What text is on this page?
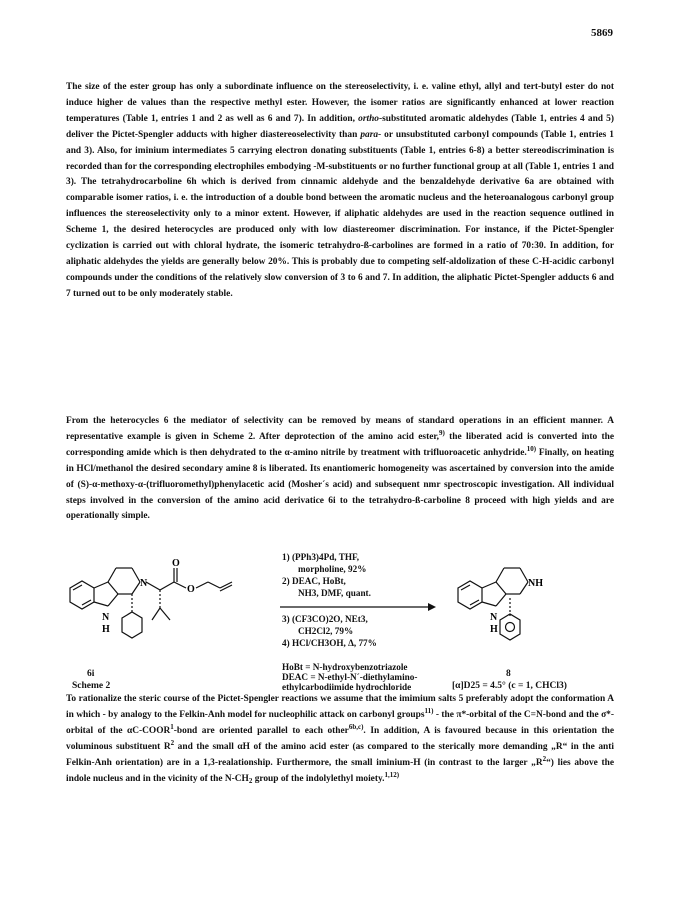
5869

The size of the ester group has only a subordinate influence on the stereoselectivity, i. e. valine ethyl, allyl and tert-butyl ester do not induce higher de values than the respective methyl ester. However, the isomer ratios are significantly enhanced at lower reaction temperatures (Table 1, entries 1 and 2 as well as 6 and 7). In addition, ortho-substituted aromatic aldehydes (Table 1, entries 4 and 5) deliver the Pictet-Spengler adducts with higher diastereoselectivity than para- or unsubstituted carbonyl compounds (Table 1, entries 1 and 3). Also, for iminium intermediates 5 carrying electron donating substituents (Table 1, entries 6-8) a better stereodiscrimination is recorded than for the corresponding electrophiles embodying -M-substituents or no further functional group at all (Table 1, entries 1 and 3). The tetrahydrocarboline 6h which is derived from cinnamic aldehyde and the benzaldehyde derivative 6a are obtained with comparable isomer ratios, i. e. the introduction of a double bond between the aromatic nucleus and the heteroanalogous carbonyl group influences the stereoselectivity only to a minor extent. However, if aliphatic aldehydes are used in the reaction sequence outlined in Scheme 1, the desired heterocycles are produced only with low diastereomer discrimination. For instance, if the Pictet-Spengler cyclization is carried out with chloral hydrate, the isomeric tetrahydro-ß-carbolines are formed in a ratio of 70:30. In addition, for aliphatic aldehydes the yields are generally below 20%. This is probably due to competing self-aldolization of these C-H-acidic carbonyl compounds under the conditions of the relatively slow conversion of 3 to 6 and 7. In addition, the aliphatic Pictet-Spengler adducts 6 and 7 turned out to be only moderately stable.

From the heterocycles 6 the mediator of selectivity can be removed by means of standard operations in an efficient manner. A representative example is given in Scheme 2. After deprotection of the amino acid ester,$^{9)}$ the liberated acid is converted into the corresponding amide which is then dehydrated to the α-amino nitrile by treatment with trifluoroacetic anhydride.$^{10)}$ Finally, on heating in HCl/methanol the desired secondary amine 8 is liberated. Its enantiomeric homogeneity was ascertained by conversion into the amide of (S)-α-methoxy-α-(trifluoromethyl)phenylacetic acid (Mosher´s acid) and subsequent nmr spectroscopic investigation. All individual steps involved in the conversion of the amino acid derivatice 6i to the tetrahydro-ß-carboline 8 proceed with high yields and are operationally simple.

N
H
N
O
O
6i
Scheme 2
1) (PPh3)4Pd, THF,
morpholine, 92%
2) DEAC, HoBt,
NH3, DMF, quant.
3) (CF3CO)2O, NEt3,
CH2Cl2, 79%
4) HCl/CH3OH, Δ, 77%
HoBt = N-hydroxybenzotriazole
DEAC = N-ethyl-N´-diethylamino-
ethylcarbodiimide hydrochloride
N
H
NH
8
[α]D25 = 4.5° (c = 1, CHCl3)

To rationalize the steric course of the Pictet-Spengler reactions we assume that the imimium salts 5 preferably adopt the conformation A in which - by analogy to the Felkin-Anh model for nucleophilic attack on carbonyl groups$^{11)}$ - the π*-orbital of the C=N-bond and the σ*-orbital of the αC-COOR$^1$-bond are oriented parallel to each other$^{6b,c)}$. In addition, A is favoured because in this orientation the voluminous substituent $R^2$ and the small αH of the amino acid ester (as compared to the sterically more demanding „R“ in the anti Felkin-Anh orientation) are in a 1,3-realationship. Furthermore, the small iminium-H (in contrast to the larger $„R^2“$) lies above the indole nucleus and in the vicinity of the $N-CH_2$ group of the indolylethyl moiety.$^{1,12)}$
